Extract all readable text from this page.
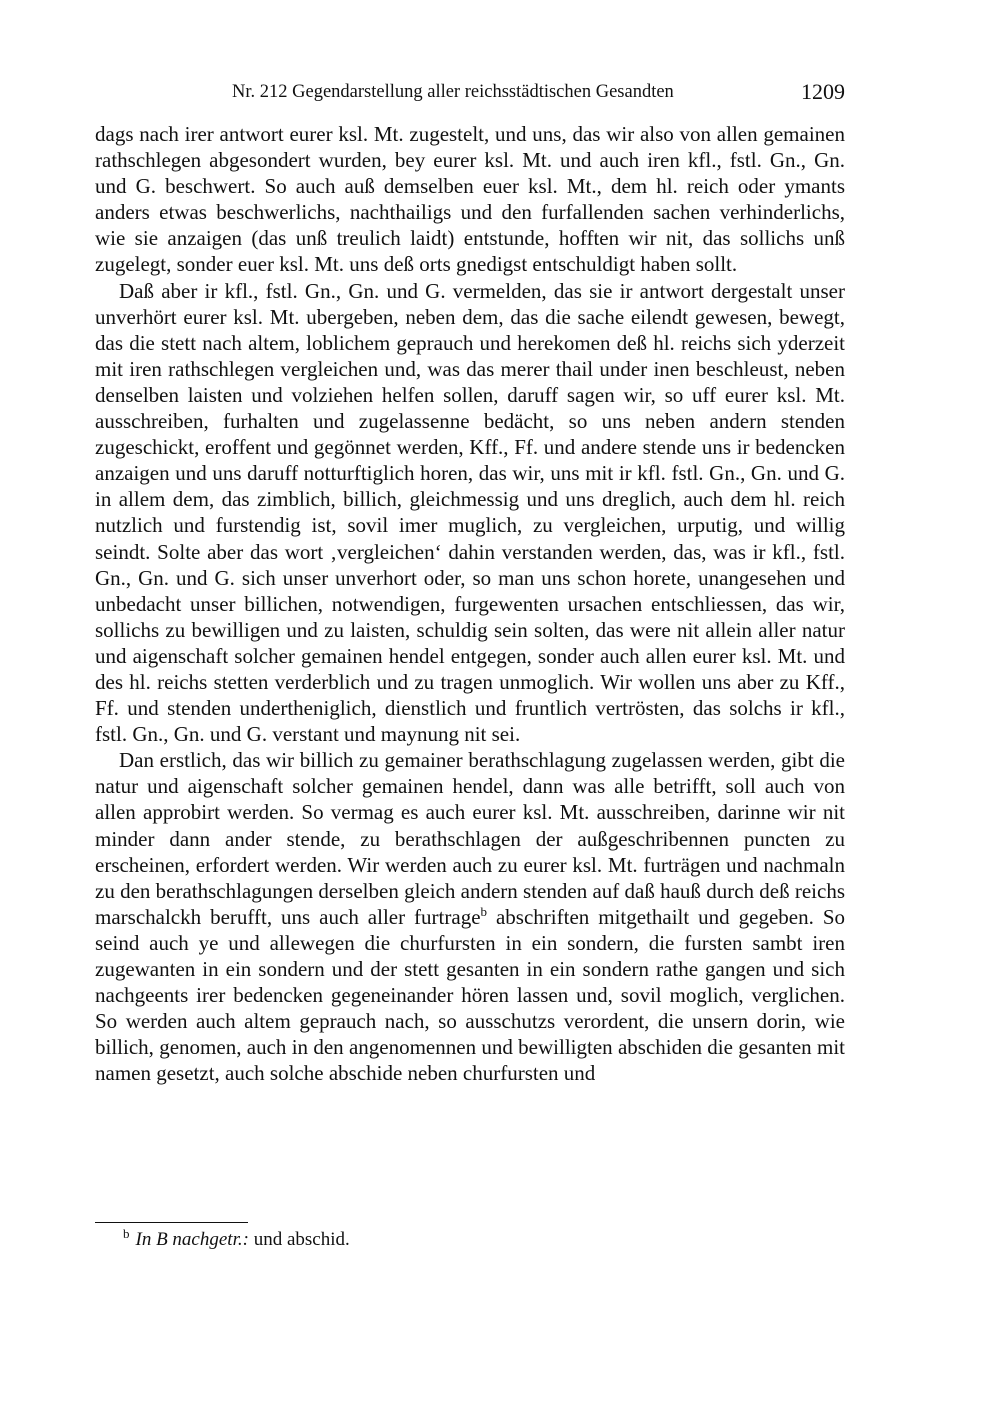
Nr. 212 Gegendarstellung aller reichsstädtischen Gesandten	1209

dags nach irer antwort eurer ksl. Mt. zugestelt, und uns, das wir also von allen gemainen rathschlegen abgesondert wurden, bey eurer ksl. Mt. und auch iren kfl., fstl. Gn., Gn. und G. beschwert. So auch auß demselben euer ksl. Mt., dem hl. reich oder ymants anders etwas beschwerlichs, nachthailigs und den furfallenden sachen verhinderlichs, wie sie anzaigen (das unß treulich laidt) entstunde, hofften wir nit, das sollichs unß zugelegt, sonder euer ksl. Mt. uns deß orts gnedigst entschuldigt haben sollt.

Daß aber ir kfl., fstl. Gn., Gn. und G. vermelden, das sie ir antwort dergestalt unser unverhört eurer ksl. Mt. ubergeben, neben dem, das die sache eilendt gewesen, bewegt, das die stett nach altem, loblichem geprauch und herekomen deß hl. reichs sich yderzeit mit iren rathschlegen vergleichen und, was das merer thail under inen beschleust, neben denselben laisten und volziehen helfen sollen, daruff sagen wir, so uff eurer ksl. Mt. ausschreiben, furhalten und zugelassenne bedächt, so uns neben andern stenden zugeschickt, eroffent und gegönnet werden, Kff., Ff. und andere stende uns ir bedencken anzaigen und uns daruff notturftiglich horen, das wir, uns mit ir kfl. fstl. Gn., Gn. und G. in allem dem, das zimblich, billich, gleichmessig und uns dreglich, auch dem hl. reich nutzlich und furstendig ist, sovil imer muglich, zu vergleichen, urputig, und willig seindt. Solte aber das wort ‚vergleichen‘ dahin verstanden werden, das, was ir kfl., fstl. Gn., Gn. und G. sich unser unverhort oder, so man uns schon horete, unangesehen und unbedacht unser billichen, notwendigen, furgewenten ursachen entschliessen, das wir, sollichs zu bewilligen und zu laisten, schuldig sein solten, das were nit allein aller natur und aigenschaft solcher gemainen hendel entgegen, sonder auch allen eurer ksl. Mt. und des hl. reichs stetten verderblich und zu tragen unmoglich. Wir wollen uns aber zu Kff., Ff. und stenden undertheniglich, dienstlich und fruntlich vertrösten, das solchs ir kfl., fstl. Gn., Gn. und G. verstant und maynung nit sei.

Dan erstlich, das wir billich zu gemainer berathschlagung zugelassen werden, gibt die natur und aigenschaft solcher gemainen hendel, dann was alle betrifft, soll auch von allen approbirt werden. So vermag es auch eurer ksl. Mt. ausschreiben, darinne wir nit minder dann ander stende, zu berathschlagen der außgeschribennen puncten zu erscheinen, erfordert werden. Wir werden auch zu eurer ksl. Mt. furträgen und nachmaln zu den berathschlagungen derselben gleich andern stenden auf daß hauß durch deß reichs marschalckh berufft, uns auch aller furtrage$^b$ abschriften mitgethailt und gegeben. So seind auch ye und allewegen die churfursten in ein sondern, die fursten sambt iren zugewanten in ein sondern und der stett gesanten in ein sondern rathe gangen und sich nachgeents irer bedencken gegeneinander hören lassen und, sovil moglich, verglichen. So werden auch altem geprauch nach, so ausschutzs verordent, die unsern dorin, wie billich, genomen, auch in den angenomennen und bewilligten abschiden die gesanten mit namen gesetzt, auch solche abschide neben churfursten und

$^b$ In B nachgetr.: und abschid.
